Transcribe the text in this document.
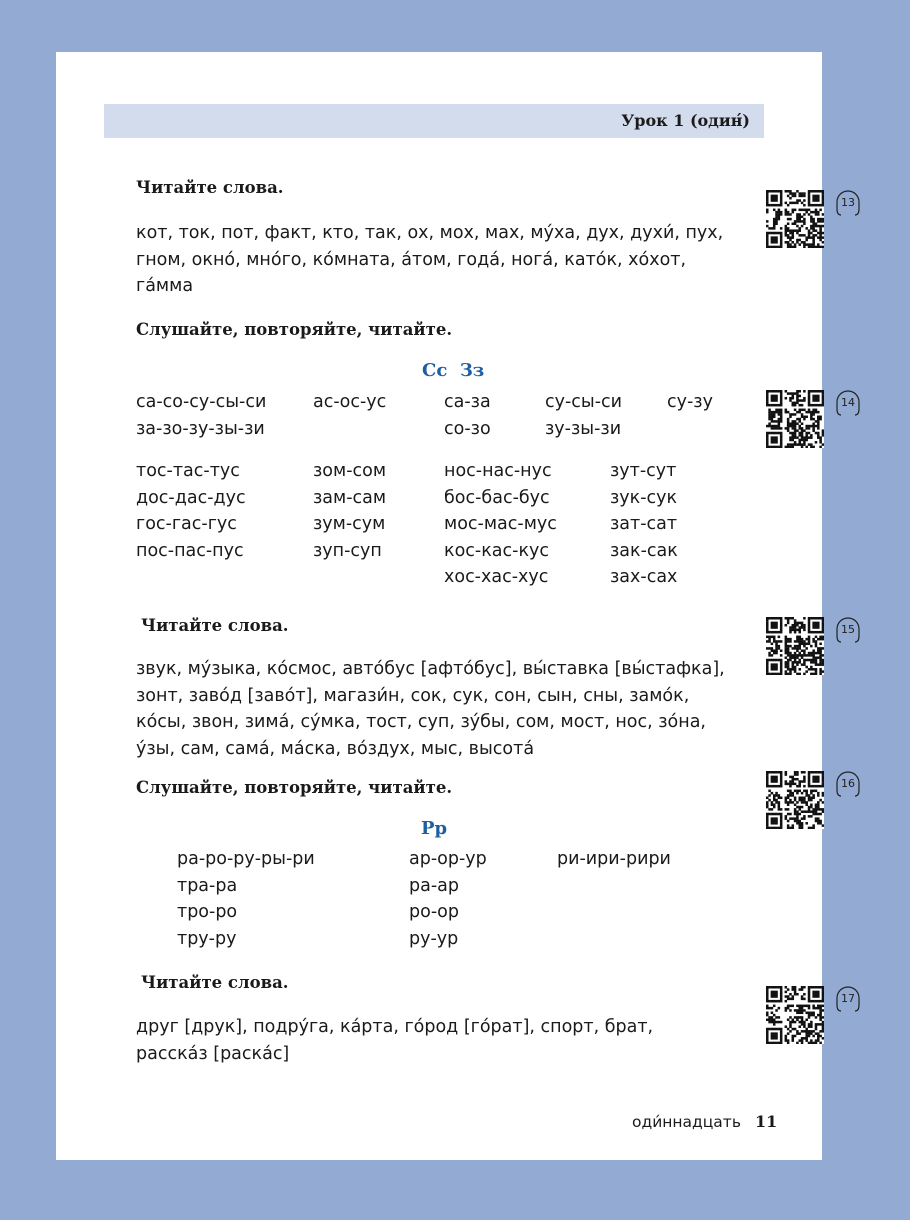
Урок 1 (один́)
Читайте слова.
кот, ток, пот, факт, кто, так, ох, мох, мах, му́ха, дух, духи́, пух,
гном, окно́, мно́го, ко́мната, а́том, года́, нога́, като́к, хо́хот,
га́мма
Слушайте, повторяйте, читайте.
Сс  Зз
са-со-су-сы-си
за-зо-зу-зы-зи
ас-ос-ус	са-за
со-зо
су-сы-си
зу-зы-зи
су-зу
тос-тас-тус
дос-дас-дус
гос-гас-гус
пос-пас-пус
зом-сом
зам-сам
зум-сум
зуп-суп
нос-нас-нус
бос-бас-бус
мос-мас-мус
кос-кас-кус
хос-хас-хус
зут-сут
зук-сук
зат-сат
зак-сак
зах-сах
Читайте слова.
звук, му́зыка, ко́смос, авто́бус [афто́бус], вы́ставка [вы́стафка],
зонт, заво́д [заво́т], магази́н, сок, сук, сон, сын, сны, замо́к,
ко́сы, звон, зима́, су́мка, тост, суп, зу́бы, сом, мост, нос, зо́на,
у́зы, сам, сама́, ма́ска, во́здух, мыс, высота́
Слушайте, повторяйте, читайте.
Рр
ра-ро-ру-ры-ри
тра-ра
тро-ро
тру-ру
ар-ор-ур
ра-ар
ро-ор
ру-ур
ри-ири-рири
Читайте слова.
друг [друк], подру́га, ка́рта, го́род [го́рат], спорт, брат,
расска́з [раска́с]
оди́ннадцать 11
13
14
15
16
17
